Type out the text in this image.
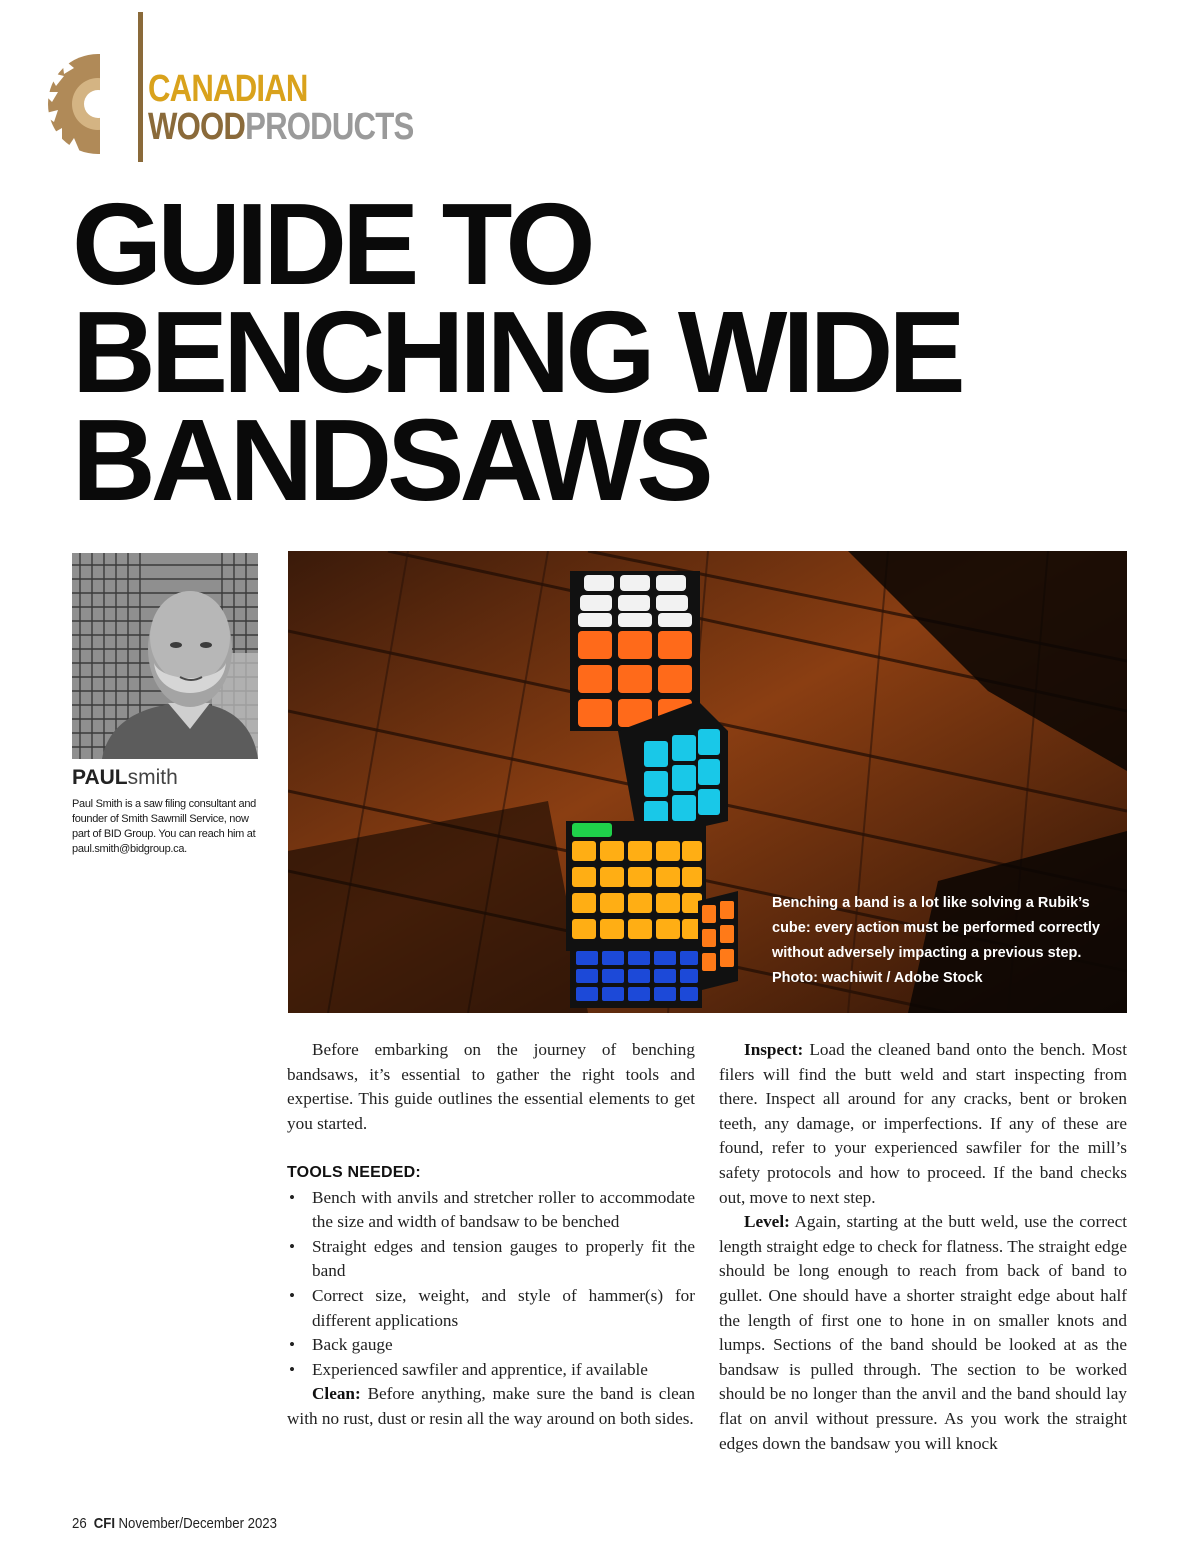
CANADIAN
WOODPRODUCTS
GUIDE TO
BENCHING WIDE
BANDSAWS
PAULsmith
Paul Smith is a saw filing consultant and founder of Smith Sawmill Service, now part of BID Group. You can reach him at paul.smith@bidgroup.ca.
Benching a band is a lot like solving a Rubik’s cube: every action must be performed correctly without adversely impacting a previous step. Photo: wachiwit / Adobe Stock

Before embarking on the journey of benching bandsaws, it’s essential to gather the right tools and expertise. This guide outlines the essential elements to get you started.

TOOLS NEEDED:
• Bench with anvils and stretcher roller to accommodate the size and width of bandsaw to be benched
• Straight edges and tension gauges to properly fit the band
• Correct size, weight, and style of hammer(s) for different applications
• Back gauge
• Experienced sawfiler and apprentice, if available

Clean: Before anything, make sure the band is clean with no rust, dust or resin all the way around on both sides.

Inspect: Load the cleaned band onto the bench. Most filers will find the butt weld and start inspecting from there. Inspect all around for any cracks, bent or broken teeth, any damage, or imperfections. If any of these are found, refer to your experienced sawfiler for the mill’s safety protocols and how to proceed. If the band checks out, move to next step.

Level: Again, starting at the butt weld, use the correct length straight edge to check for flatness. The straight edge should be long enough to reach from back of band to gullet. One should have a shorter straight edge about half the length of first one to hone in on smaller knots and lumps. Sections of the band should be looked at as the bandsaw is pulled through. The section to be worked should be no longer than the anvil and the band should lay flat on anvil without pressure. As you work the straight edges down the bandsaw you will knock

26 CFI November/December 2023
